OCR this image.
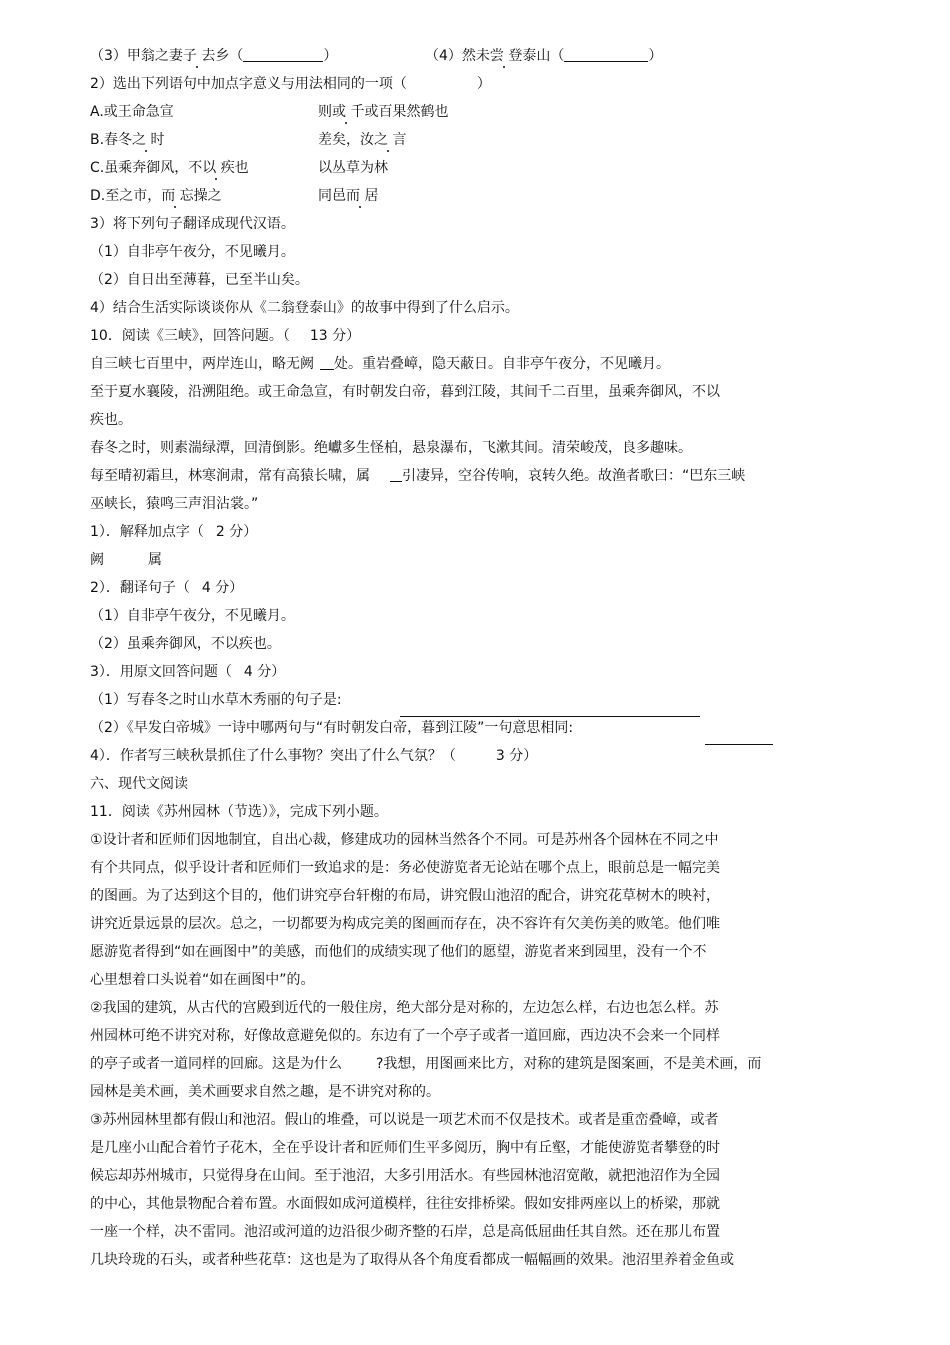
（3）甲翁之妻子 去乡（	）	（4）然未尝 登泰山（	）
2）选出下列语句中加点字意义与用法相同的一项（	）
A.或王命急宣	则或 千或百果然鹤也
B.春冬之 时	差矣，汝之 言
C.虽乘奔御风，不以 疾也	以丛草为林
D.至之市，而 忘操之	同邑而 居
3）将下列句子翻译成现代汉语。
（1）自非亭午夜分，不见曦月。
（2）自日出至薄暮，已至半山矣。
4）结合生活实际谈谈你从《二翁登泰山》的故事中得到了什么启示。
10．阅读《三峡》，回答问题。（ 13 分）
自三峡七百里中，两岸连山，略无阙 处。重岩叠嶂，隐天蔽日。自非亭午夜分，不见曦月。
至于夏水襄陵，沿溯阻绝。或王命急宣，有时朝发白帝，暮到江陵，其间千二百里，虽乘奔御风，不以
疾也。
春冬之时，则素湍绿潭，回清倒影。绝巘多生怪柏，悬泉瀑布，飞漱其间。清荣峻茂，良多趣味。
每至晴初霜旦，林寒涧肃，常有高猿长啸，属 引凄异，空谷传响，哀转久绝。故渔者歌曰：“巴东三峡
巫峡长，猿鸣三声泪沾裳。”
1）．解释加点字（ 2 分）
阙	属
2）．翻译句子（ 4 分）
（1）自非亭午夜分，不见曦月。
（2）虽乘奔御风，不以疾也。
3）．用原文回答问题（ 4 分）
（1）写春冬之时山水草木秀丽的句子是:
（2）《早发白帝城》一诗中哪两句与“有时朝发白帝，暮到江陵”一句意思相同:
4）．作者写三峡秋景抓住了什么事物？突出了什么气氛？（	3 分）
六、现代文阅读
11．阅读《苏州园林（节选）》，完成下列小题。
①设计者和匠师们因地制宜，自出心裁，修建成功的园林当然各个不同。可是苏州各个园林在不同之中
有个共同点，似乎设计者和匠师们一致追求的是：务必使游览者无论站在哪个点上，眼前总是一幅完美
的图画。为了达到这个目的，他们讲究亭台轩榭的布局，讲究假山池沼的配合，讲究花草树木的映衬，
讲究近景远景的层次。总之，一切都要为构成完美的图画而存在，决不容许有欠美伤美的败笔。他们唯
愿游览者得到“如在画图中”的美感，而他们的成绩实现了他们的愿望，游览者来到园里，没有一个不
心里想着口头说着“如在画图中”的。
②我国的建筑，从古代的宫殿到近代的一般住房，绝大部分是对称的，左边怎么样，右边也怎么样。苏
州园林可绝不讲究对称，好像故意避免似的。东边有了一个亭子或者一道回廊，西边决不会来一个同样
的亭子或者一道同样的回廊。这是为什么 ?我想，用图画来比方，对称的建筑是图案画，不是美术画，而
园林是美术画，美术画要求自然之趣，是不讲究对称的。
③苏州园林里都有假山和池沼。假山的堆叠，可以说是一项艺术而不仅是技术。或者是重峦叠嶂，或者
是几座小山配合着竹子花木，全在乎设计者和匠师们生平多阅历，胸中有丘壑，才能使游览者攀登的时
候忘却苏州城市，只觉得身在山间。至于池沼，大多引用活水。有些园林池沼宽敞，就把池沼作为全园
的中心，其他景物配合着布置。水面假如成河道模样，往往安排桥梁。假如安排两座以上的桥梁，那就
一座一个样，决不雷同。池沼或河道的边沿很少砌齐整的石岸，总是高低屈曲任其自然。还在那儿布置
几块玲珑的石头，或者种些花草：这也是为了取得从各个角度看都成一幅幅画的效果。池沼里养着金鱼或
